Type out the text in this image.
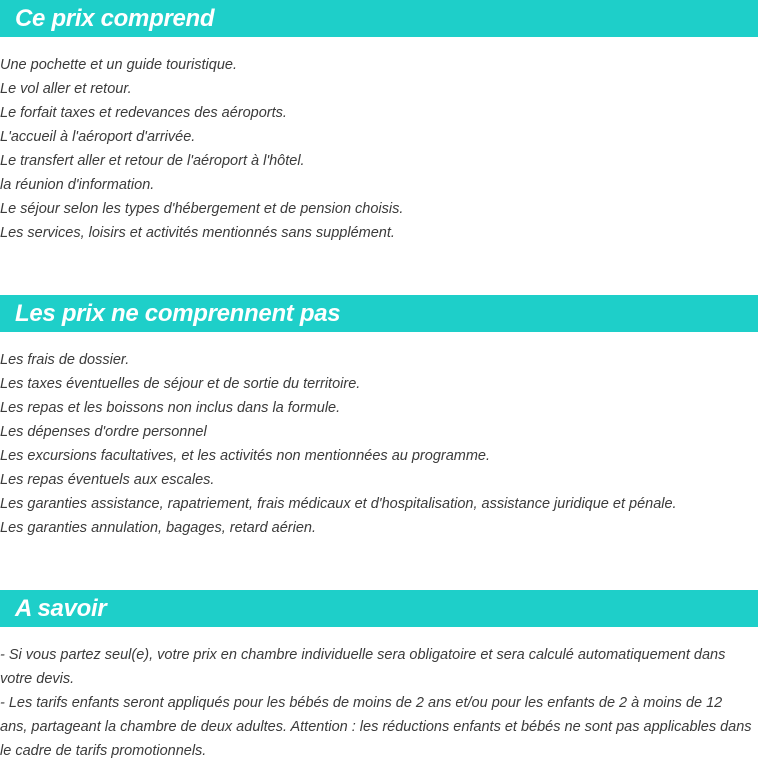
Ce prix comprend
Une pochette et un guide touristique.
Le vol aller et retour.
Le forfait taxes et redevances des aéroports.
L'accueil à l'aéroport d'arrivée.
Le transfert aller et retour de l'aéroport à l'hôtel.
la réunion d'information.
Le séjour selon les types d'hébergement et de pension choisis.
Les services, loisirs et activités mentionnés sans supplément.
Les prix ne comprennent pas
Les frais de dossier.
Les taxes éventuelles de séjour et de sortie du territoire.
Les repas et les boissons non inclus dans la formule.
Les dépenses d'ordre personnel
Les excursions facultatives, et les activités non mentionnées au programme.
Les repas éventuels aux escales.
Les garanties assistance, rapatriement, frais médicaux et d'hospitalisation, assistance juridique et pénale.
Les garanties annulation, bagages, retard aérien.
A savoir

- Si vous partez seul(e), votre prix en chambre individuelle sera obligatoire et sera calculé automatiquement dans votre devis.

- Les tarifs enfants seront appliqués pour les bébés de moins de 2 ans et/ou pour les enfants de 2 à moins de 12 ans, partageant la chambre de deux adultes. Attention : les réductions enfants et bébés ne sont pas applicables dans le cadre de tarifs promotionnels.
